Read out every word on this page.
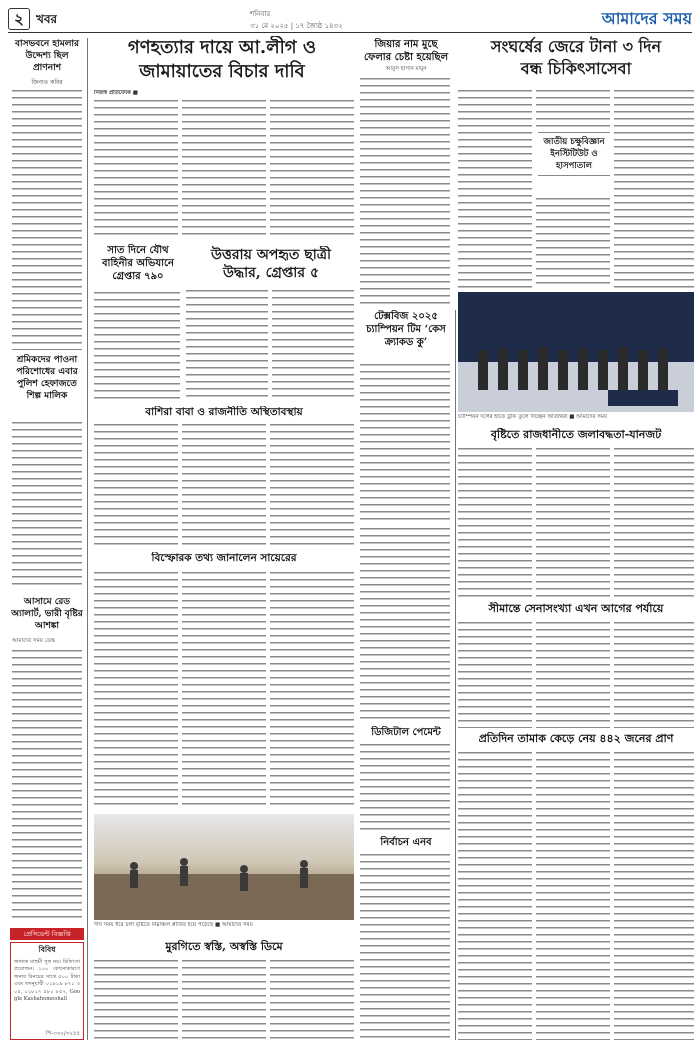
২	খবর	শনিবার
৩১ মে ২০২৫ | ১৭ জ্যৈষ্ঠ ১৪৩২	আমাদের সময়
বাসভবনে হামলার উদ্দেশ্য ছিল প্রাণনাশ
জিনাত কবির
শ্রমিকদের পাওনা পরিশোধের এবার পুলিশ হেফাজতে শিল্প মালিক
আসামে রেড অ্যালার্ট, ভারী বৃষ্টির আশঙ্কা
আমাদের সময় ডেস্ক
প্রেসিডেন্ট বিজ্ঞপ্তি
বিবিধ
জানাক মাহুমী সুস্থ নয়। চিকিৎসা প্রয়োজন। ১০০ কোনোকারণে জনাব বিনয়ের সাথে ৫০০ টাকা এবং তদনুযায়ী ০১৮১৯ ৮৭১ ৩০৫, ০১৮১৭ ৫৮০ ৮৫৭, Google Kashahomeohall
পি-৩৩০/৩২৫৫
গণহত্যার দায়ে আ.লীগ ও
জামায়াতের বিচার দাবি
নিজস্ব প্রতিবেদক ■
জিয়ার নাম মুছে ফেলার চেষ্টা হয়েছিল
আবুল হাসান মামুন
সাত দিনে যৌথ বাহিনীর অভিযানে গ্রেপ্তার ৭৯০
উত্তরায় অপহৃত ছাত্রী
উদ্ধার, গ্রেপ্তার ৫
টেক্সবিজ ২০২৫ চ্যাম্পিয়ন টিম ‘কেস ক্র্যাকড কু’
বাশিরা বাবা ও রাজনীতি অস্থিতাবস্থায়
বিস্ফোরক তথ্য জানালেন সায়েরের
দীর্ঘ সময় ধরে চলা বৃষ্টিতে নিম্নাঞ্চল প্লাবিত হয়ে পড়েছে ■ আমাদের সময়
মুরগিতে স্বস্তি, অস্বস্তি ডিমে
ডিজিটাল পেমেন্ট
নির্বাচন এনব
সংঘর্ষের জেরে টানা ৩ দিন
বন্ধ চিকিৎসাসেবা
জাতীয় চক্ষুবিজ্ঞান ইনস্টিটিউট ও হাসপাতাল
চ্যাম্পিয়ন দলের হাতে ট্রফি তুলে দিচ্ছেন অতিথিরা ■ আমাদের সময়
বৃষ্টিতে রাজধানীতে জলাবদ্ধতা-যানজট
সীমান্তে সেনাসংখ্যা এখন আগের পর্যায়ে
প্রতিদিন তামাক কেড়ে নেয় ৪৪২ জনের প্রাণ
